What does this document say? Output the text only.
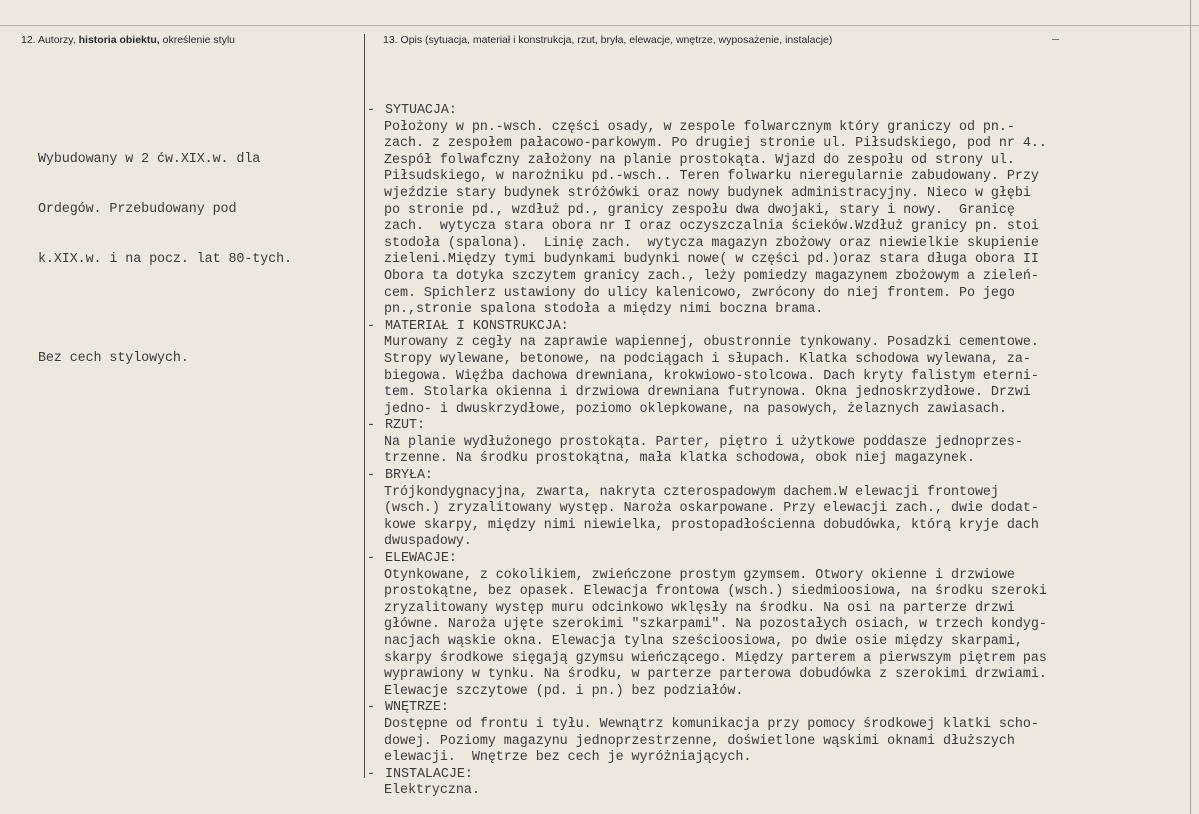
12. Autorzy, historia obiektu, określenie stylu	13. Opis (sytuacja, materiał i konstrukcja, rzut, bryła, elewacje, wnętrze, wyposażenie, instalacje)

Wybudowany w 2 ćw.XIX.w. dla

Ordegów. Przebudowany pod

k.XIX.w. i na pocz. lat 80-tych.

Bez cech stylowych.

- SYTUACJA:
Położony w pn.-wsch. części osady, w zespole folwarcznym który graniczy od pn.-
zach. z zespołem pałacowo-parkowym. Po drugiej stronie ul. Piłsudskiego, pod nr 4..
Zespół folwafczny założony na planie prostokąta. Wjazd do zespołu od strony ul.
Piłsudskiego, w narożniku pd.-wsch.. Teren folwarku nieregularnie zabudowany. Przy
wjeździe stary budynek stróżówki oraz nowy budynek administracyjny. Nieco w głębi
po stronie pd., wzdłuż pd., granicy zespołu dwa dwojaki, stary i nowy.  Granicę
zach.  wytycza stara obora nr I oraz oczyszczalnia ścieków.Wzdłuż granicy pn. stoi
stodoła (spalona).  Linię zach.  wytycza magazyn zbożowy oraz niewielkie skupienie
zieleni.Między tymi budynkami budynki nowe( w części pd.)oraz stara długa obora II
Obora ta dotyka szczytem granicy zach., leży pomiedzy magazynem zbożowym a zieleń-
cem. Spichlerz ustawiony do ulicy kalenicowo, zwrócony do niej frontem. Po jego
pn.,stronie spalona stodoła a między nimi boczna brama.
- MATERIAŁ I KONSTRUKCJA:
Murowany z cegły na zaprawie wapiennej, obustronnie tynkowany. Posadzki cementowe.
Stropy wylewane, betonowe, na podciągach i słupach. Klatka schodowa wylewana, za-
biegowa. Więźba dachowa drewniana, krokwiowo-stolcowa. Dach kryty falistym eterni-
tem. Stolarka okienna i drzwiowa drewniana futrynowa. Okna jednoskrzydłowe. Drzwi
jedno- i dwuskrzydłowe, poziomo oklepkowane, na pasowych, żelaznych zawiasach.
- RZUT:
Na planie wydłużonego prostokąta. Parter, piętro i użytkowe poddasze jednoprzes-
trzenne. Na środku prostokątna, mała klatka schodowa, obok niej magazynek.
- BRYŁA:
Trójkondygnacyjna, zwarta, nakryta czterospadowym dachem.W elewacji frontowej
(wsch.) zryzalitowany występ. Naroża oskarpowane. Przy elewacji zach., dwie dodat-
kowe skarpy, między nimi niewielka, prostopadłościenna dobudówka, którą kryje dach
dwuspadowy.
- ELEWACJE:
Otynkowane, z cokolikiem, zwieńczone prostym gzymsem. Otwory okienne i drzwiowe
prostokątne, bez opasek. Elewacja frontowa (wsch.) siedmioosiowa, na środku szeroki
zryzalitowany występ muru odcinkowo wklęsły na środku. Na osi na parterze drzwi
główne. Naroża ujęte szerokimi "szkarpami". Na pozostałych osiach, w trzech kondyg-
nacjach wąskie okna. Elewacja tylna sześcioosiowa, po dwie osie między skarpami,
skarpy środkowe sięgają gzymsu wieńczącego. Między parterem a pierwszym piętrem pas
wyprawiony w tynku. Na środku, w parterze parterowa dobudówka z szerokimi drzwiami.
Elewacje szczytowe (pd. i pn.) bez podziałów.
- WNĘTRZE:
Dostępne od frontu i tyłu. Wewnątrz komunikacja przy pomocy środkowej klatki scho-
dowej. Poziomy magazynu jednoprzestrzenne, doświetlone wąskimi oknami dłuższych
elewacji.  Wnętrze bez cech je wyróżniających.
- INSTALACJE:
Elektryczna.
